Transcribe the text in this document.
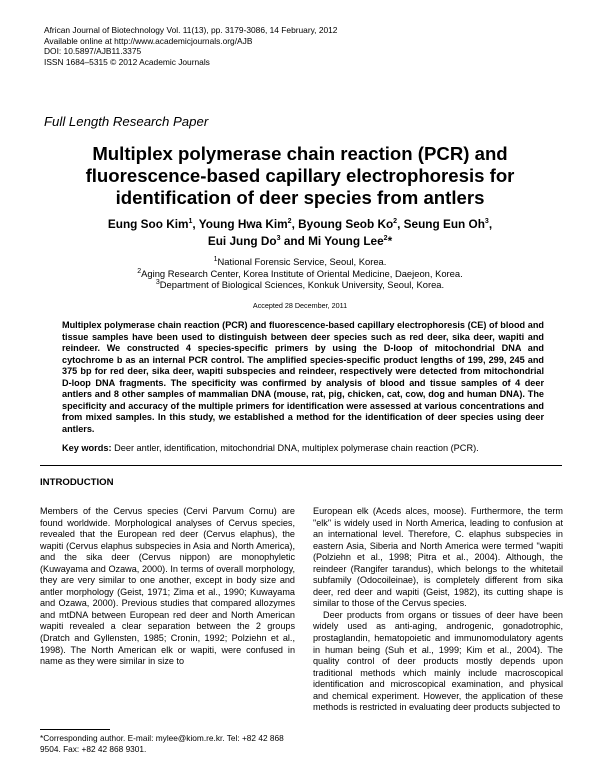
African Journal of Biotechnology Vol. 11(13), pp. 3179-3086, 14 February, 2012
Available online at http://www.academicjournals.org/AJB
DOI: 10.5897/AJB11.3375
ISSN 1684–5315 © 2012 Academic Journals
Full Length Research Paper
Multiplex polymerase chain reaction (PCR) and fluorescence-based capillary electrophoresis for identification of deer species from antlers
Eung Soo Kim$^1$, Young Hwa Kim$^2$, Byoung Seob Ko$^2$, Seung Eun Oh$^3$,
Eui Jung Do$^3$ and Mi Young Lee$^2$*
$^1$National Forensic Service, Seoul, Korea.
$^2$Aging Research Center, Korea Institute of Oriental Medicine, Daejeon, Korea.
$^3$Department of Biological Sciences, Konkuk University, Seoul, Korea.
Accepted 28 December, 2011
Multiplex polymerase chain reaction (PCR) and fluorescence-based capillary electrophoresis (CE) of blood and tissue samples have been used to distinguish between deer species such as red deer, sika deer, wapiti and reindeer. We constructed 4 species-specific primers by using the D-loop of mitochondrial DNA and cytochrome b as an internal PCR control. The amplified species-specific product lengths of 199, 299, 245 and 375 bp for red deer, sika deer, wapiti subspecies and reindeer, respectively were detected from mitochondrial D-loop DNA fragments. The specificity was confirmed by analysis of blood and tissue samples of 4 deer antlers and 8 other samples of mammalian DNA (mouse, rat, pig, chicken, cat, cow, dog and human DNA). The specificity and accuracy of the multiple primers for identification were assessed at various concentrations and from mixed samples. In this study, we established a method for the identification of deer species using deer antlers.
Key words: Deer antler, identification, mitochondrial DNA, multiplex polymerase chain reaction (PCR).
INTRODUCTION

Members of the Cervus species (Cervi Parvum Cornu) are found worldwide. Morphological analyses of Cervus species, revealed that the European red deer (Cervus elaphus), the wapiti (Cervus elaphus subspecies in Asia and North America), and the sika deer (Cervus nippon) are monophyletic (Kuwayama and Ozawa, 2000). In terms of overall morphology, they are very similar to one another, except in body size and antler morphology (Geist, 1971; Zima et al., 1990; Kuwayama and Ozawa, 2000). Previous studies that compared allozymes and mtDNA between European red deer and North American wapiti revealed a clear separation between the 2 groups (Dratch and Gyllensten, 1985; Cronin, 1992; Polziehn et al., 1998). The North American elk or wapiti, were confused in name as they were similar in size to

European elk (Aceds alces, moose). Furthermore, the term "elk" is widely used in North America, leading to confusion at an international level. Therefore, C. elaphus subspecies in eastern Asia, Siberia and North America were termed "wapiti (Polziehn et al., 1998; Pitra et al., 2004). Although, the reindeer (Rangifer tarandus), which belongs to the whitetail subfamily (Odocoileinae), is completely different from sika deer, red deer and wapiti (Geist, 1982), its cutting shape is similar to those of the Cervus species.

Deer products from organs or tissues of deer have been widely used as anti-aging, androgenic, gonadotrophic, prostaglandin, hematopoietic and immunomodulatory agents in human being (Suh et al., 1999; Kim et al., 2004). The quality control of deer products mostly depends upon traditional methods which mainly include macroscopical identification and microscopical examination, and physical and chemical experiment. However, the application of these methods is restricted in evaluating deer products subjected to

*Corresponding author. E-mail: mylee@kiom.re.kr. Tel: +82 42 868 9504. Fax: +82 42 868 9301.
